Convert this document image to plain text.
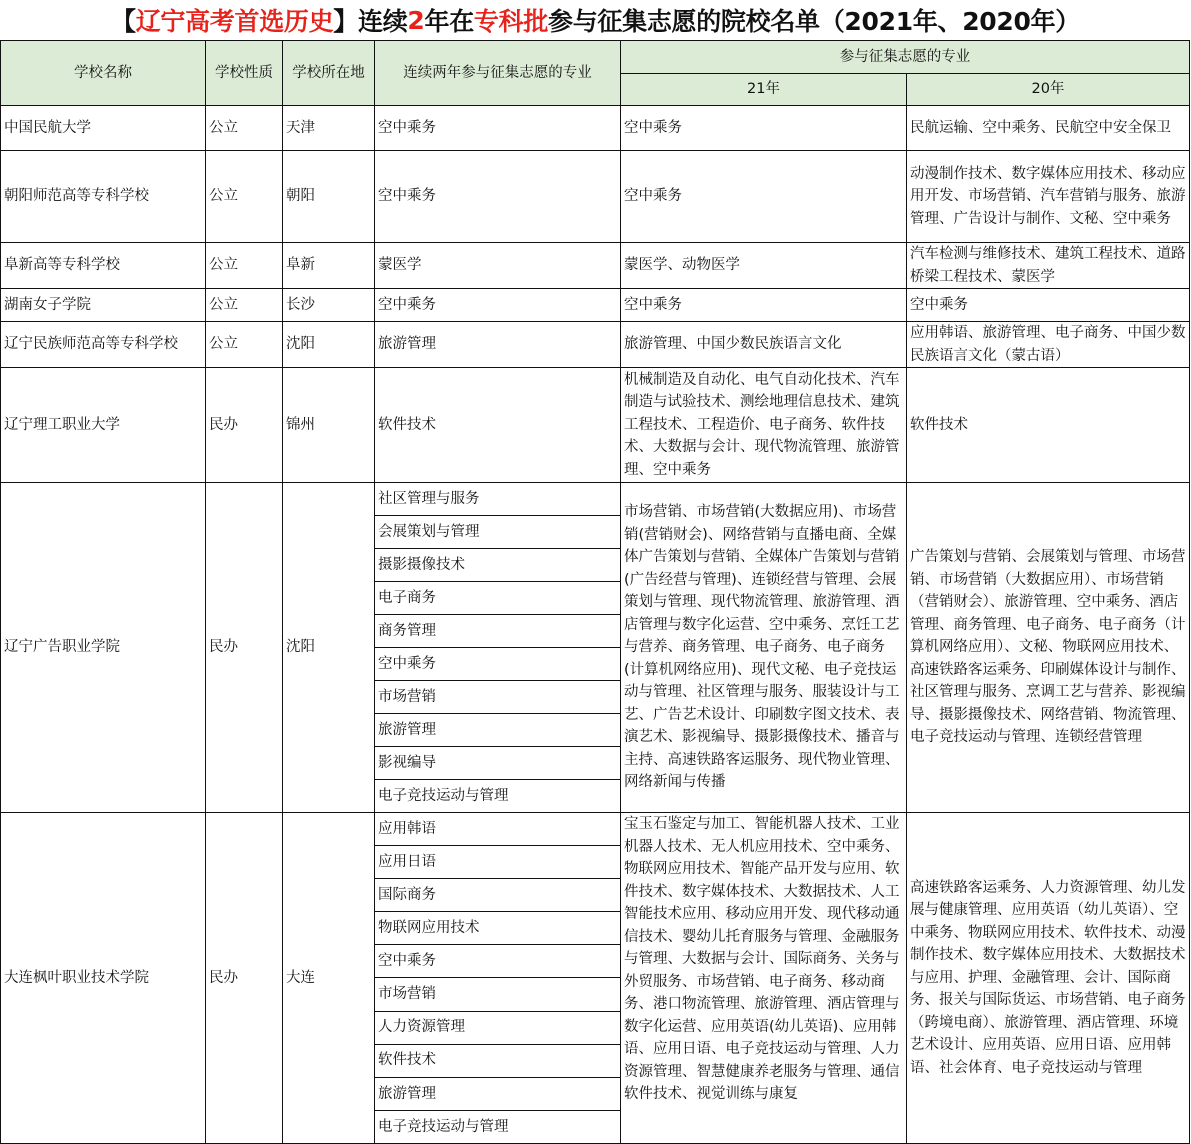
【 辽宁高考首选历史 】 连续 2 年在 专科批 参与征集志愿的院校名单（2021年、2020年）
学校名称	学校性质	学校所在地	连续两年参与征集志愿的专业	参与征集志愿的专业	
				21年	20年
中国民航大学	公立	天津	空中乘务	空中乘务	民航运输、空中乘务、民航空中安全保卫
朝阳师范高等专科学校	公立	朝阳	空中乘务	空中乘务	动漫制作技术、数字媒体应用技术、移动应用开发、市场营销、汽车营销与服务、旅游管理、广告设计与制作、文秘、空中乘务
阜新高等专科学校	公立	阜新	蒙医学	蒙医学、动物医学	汽车检测与维修技术、建筑工程技术、道路桥梁工程技术、蒙医学
湖南女子学院	公立	长沙	空中乘务	空中乘务	空中乘务
辽宁民族师范高等专科学校	公立	沈阳	旅游管理	旅游管理、中国少数民族语言文化	应用韩语、旅游管理、电子商务、中国少数民族语言文化（蒙古语）
辽宁理工职业大学	民办	锦州	软件技术	机械制造及自动化、电气自动化技术、汽车制造与试验技术、测绘地理信息技术、建筑工程技术、工程造价、电子商务、软件技术、大数据与会计、现代物流管理、旅游管理、空中乘务	软件技术
辽宁广告职业学院	民办	沈阳	社区管理与服务	市场营销、市场营销(大数据应用)、市场营销(营销财会)、网络营销与直播电商、全媒体广告策划与营销、全媒体广告策划与营销(广告经营与管理)、连锁经营与管理、会展策划与管理、现代物流管理、旅游管理、酒店管理与数字化运营、空中乘务、烹饪工艺与营养、商务管理、电子商务、电子商务(计算机网络应用)、现代文秘、电子竞技运动与管理、社区管理与服务、服装设计与工艺、广告艺术设计、印刷数字图文技术、表演艺术、影视编导、摄影摄像技术、播音与主持、高速铁路客运服务、现代物业管理、网络新闻与传播	广告策划与营销、会展策划与管理、市场营销、市场营销（大数据应用）、市场营销（营销财会）、旅游管理、空中乘务、酒店管理、商务管理、电子商务、电子商务（计算机网络应用）、文秘、物联网应用技术、高速铁路客运乘务、印刷媒体设计与制作、社区管理与服务、烹调工艺与营养、影视编导、摄影摄像技术、网络营销、物流管理、电子竞技运动与管理、连锁经营管理
			会展策划与管理		
			摄影摄像技术		
			电子商务		
			商务管理		
			空中乘务		
			市场营销		
			旅游管理		
			影视编导		
			电子竞技运动与管理		
大连枫叶职业技术学院	民办	大连	应用韩语	宝玉石鉴定与加工、智能机器人技术、工业机器人技术、无人机应用技术、空中乘务、物联网应用技术、智能产品开发与应用、软件技术、数字媒体技术、大数据技术、人工智能技术应用、移动应用开发、现代移动通信技术、婴幼儿托育服务与管理、金融服务与管理、大数据与会计、国际商务、关务与外贸服务、市场营销、电子商务、移动商务、港口物流管理、旅游管理、酒店管理与数字化运营、应用英语(幼儿英语)、应用韩语、应用日语、电子竞技运动与管理、人力资源管理、智慧健康养老服务与管理、通信软件技术、视觉训练与康复	高速铁路客运乘务、人力资源管理、幼儿发展与健康管理、应用英语（幼儿英语）、空中乘务、物联网应用技术、软件技术、动漫制作技术、数字媒体应用技术、大数据技术与应用、护理、金融管理、会计、国际商务、报关与国际货运、市场营销、电子商务（跨境电商）、旅游管理、酒店管理、环境艺术设计、应用英语、应用日语、应用韩语、社会体育、电子竞技运动与管理
			应用日语		
			国际商务		
			物联网应用技术		
			空中乘务		
			市场营销		
			人力资源管理		
			软件技术		
			旅游管理		
			电子竞技运动与管理		
